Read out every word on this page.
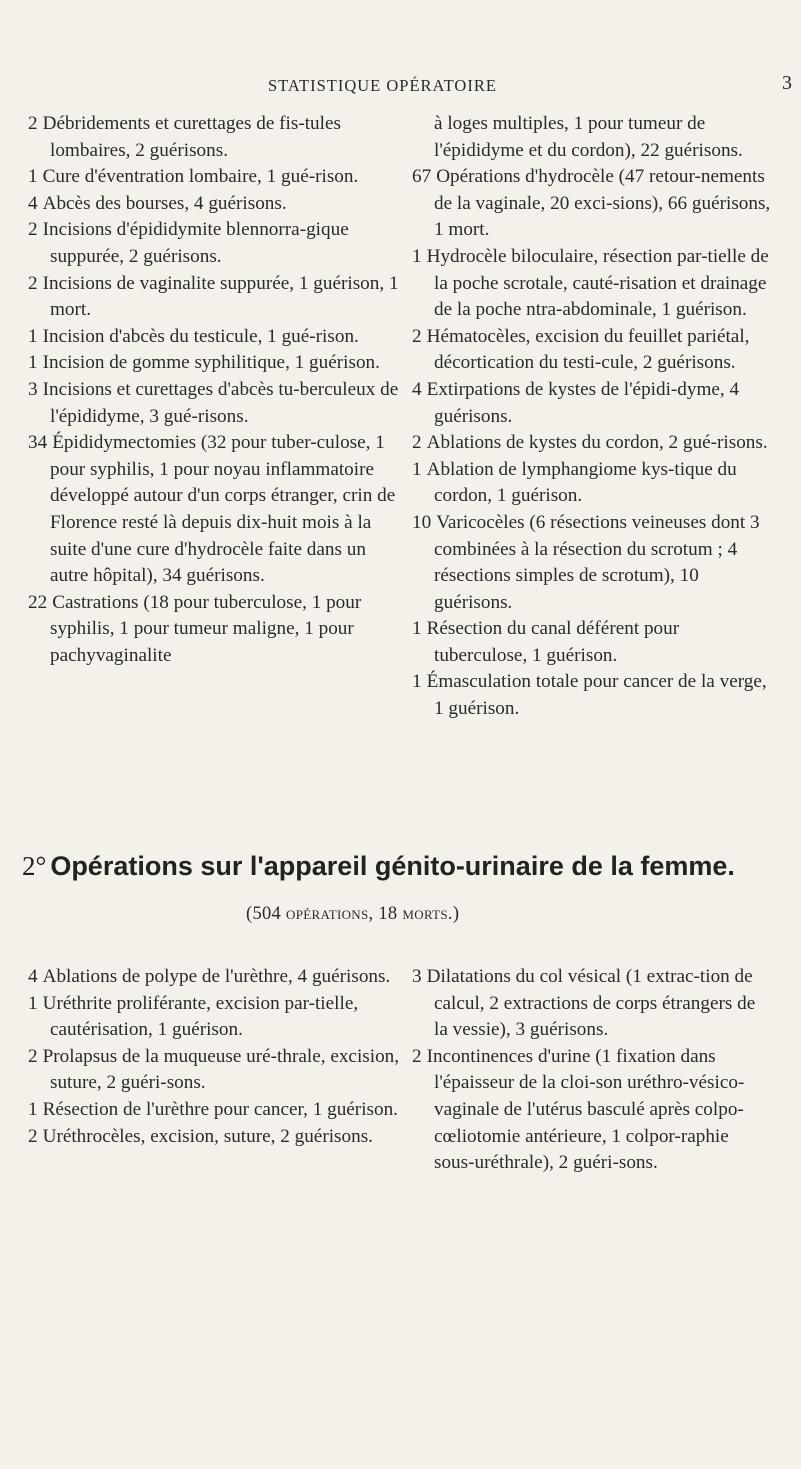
STATISTIQUE OPÉRATOIRE	3

2 Débridements et curettages de fis-tules lombaires, 2 guérisons.

1 Cure d'éventration lombaire, 1 gué-rison.

4 Abcès des bourses, 4 guérisons.

2 Incisions d'épididymite blennorra-gique suppurée, 2 guérisons.

2 Incisions de vaginalite suppurée, 1 guérison, 1 mort.

1 Incision d'abcès du testicule, 1 gué-rison.

1 Incision de gomme syphilitique, 1 guérison.

3 Incisions et curettages d'abcès tu-berculeux de l'épididyme, 3 gué-risons.

34 Épididymectomies (32 pour tuber-culose, 1 pour syphilis, 1 pour noyau inflammatoire développé autour d'un corps étranger, crin de Florence resté là depuis dix-huit mois à la suite d'une cure d'hydrocèle faite dans un autre hôpital), 34 guérisons.

22 Castrations (18 pour tuberculose, 1 pour syphilis, 1 pour tumeur maligne, 1 pour pachyvaginalite

à loges multiples, 1 pour tumeur de l'épididyme et du cordon), 22 guérisons.

67 Opérations d'hydrocèle (47 retour-nements de la vaginale, 20 exci-sions), 66 guérisons, 1 mort.

1 Hydrocèle biloculaire, résection par-tielle de la poche scrotale, cauté-risation et drainage de la poche ntra-abdominale, 1 guérison.

2 Hématocèles, excision du feuillet pariétal, décortication du testi-cule, 2 guérisons.

4 Extirpations de kystes de l'épidi-dyme, 4 guérisons.

2 Ablations de kystes du cordon, 2 gué-risons.

1 Ablation de lymphangiome kys-tique du cordon, 1 guérison.

10 Varicocèles (6 résections veineuses dont 3 combinées à la résection du scrotum ; 4 résections simples de scrotum), 10 guérisons.

1 Résection du canal déférent pour tuberculose, 1 guérison.

1 Émasculation totale pour cancer de la verge, 1 guérison.

2° Opérations sur l'appareil génito-urinaire de la femme.
(504 opérations, 18 morts.)

4 Ablations de polype de l'urèthre, 4 guérisons.

1 Uréthrite proliférante, excision par-tielle, cautérisation, 1 guérison.

2 Prolapsus de la muqueuse uré-thrale, excision, suture, 2 guéri-sons.

1 Résection de l'urèthre pour cancer, 1 guérison.

2 Uréthrocèles, excision, suture, 2 guérisons.

3 Dilatations du col vésical (1 extrac-tion de calcul, 2 extractions de corps étrangers de la vessie), 3 guérisons.

2 Incontinences d'urine (1 fixation dans l'épaisseur de la cloi-son uréthro-vésico-vaginale de l'utérus basculé après colpo-cœliotomie antérieure, 1 colpor-raphie sous-uréthrale), 2 guéri-sons.
